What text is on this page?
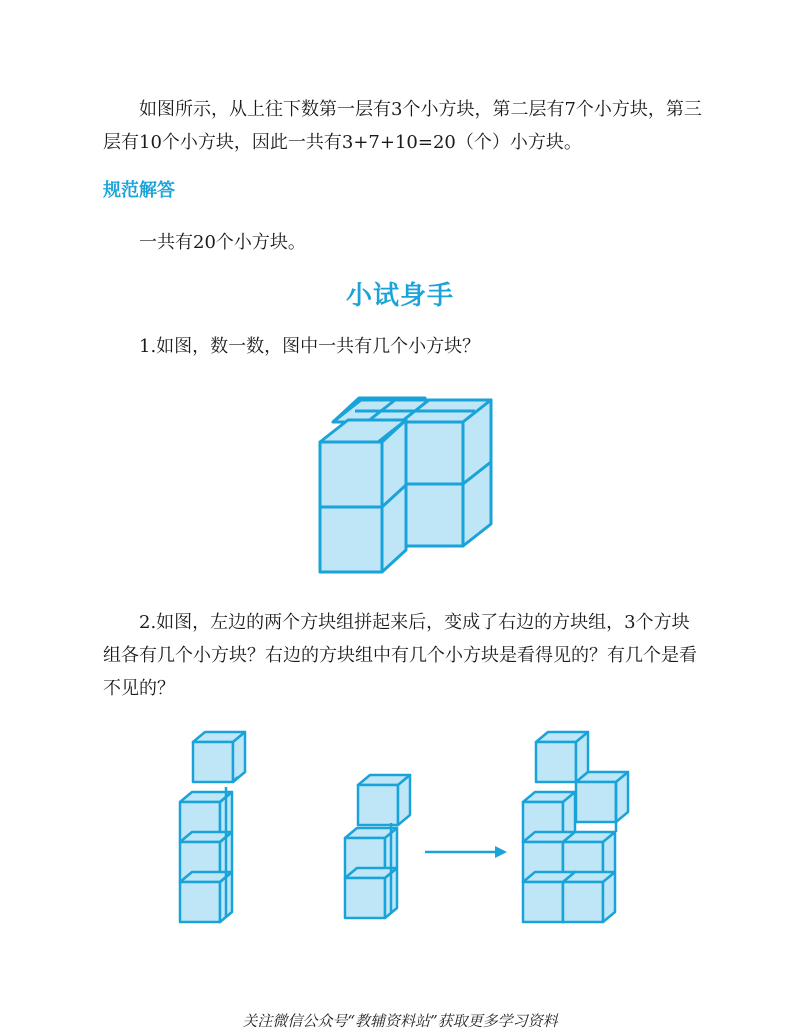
如图所示，从上往下数第一层有3个小方块，第二层有7个小方块，第三层有10个小方块，因此一共有3+7+10=20（个）小方块。

规范解答

一共有20个小方块。

小试身手

1.如图，数一数，图中一共有几个小方块？

2.如图，左边的两个方块组拼起来后，变成了右边的方块组，3个方块组各有几个小方块？右边的方块组中有几个小方块是看得见的？有几个是看不见的？

关注微信公众号“教辅资料站”获取更多学习资料
